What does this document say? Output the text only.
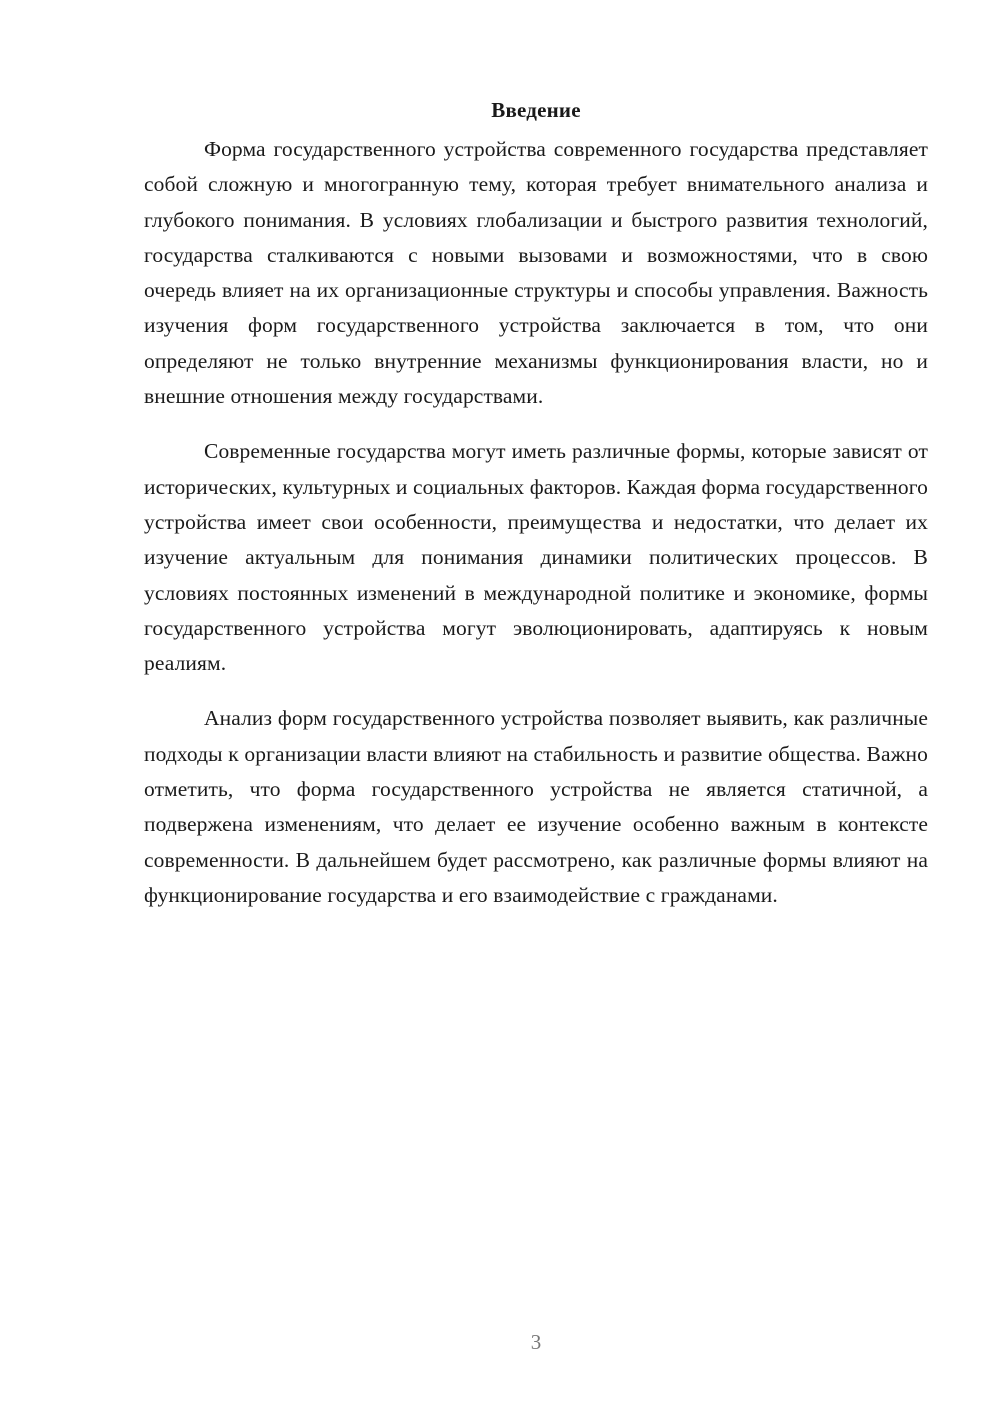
Введение

Форма государственного устройства современного государства представляет собой сложную и многогранную тему, которая требует внимательного анализа и глубокого понимания. В условиях глобализации и быстрого развития технологий, государства сталкиваются с новыми вызовами и возможностями, что в свою очередь влияет на их организационные структуры и способы управления. Важность изучения форм государственного устройства заключается в том, что они определяют не только внутренние механизмы функционирования власти, но и внешние отношения между государствами.

Современные государства могут иметь различные формы, которые зависят от исторических, культурных и социальных факторов. Каждая форма государственного устройства имеет свои особенности, преимущества и недостатки, что делает их изучение актуальным для понимания динамики политических процессов. В условиях постоянных изменений в международной политике и экономике, формы государственного устройства могут эволюционировать, адаптируясь к новым реалиям.

Анализ форм государственного устройства позволяет выявить, как различные подходы к организации власти влияют на стабильность и развитие общества. Важно отметить, что форма государственного устройства не является статичной, а подвержена изменениям, что делает ее изучение особенно важным в контексте современности. В дальнейшем будет рассмотрено, как различные формы влияют на функционирование государства и его взаимодействие с гражданами.

3
